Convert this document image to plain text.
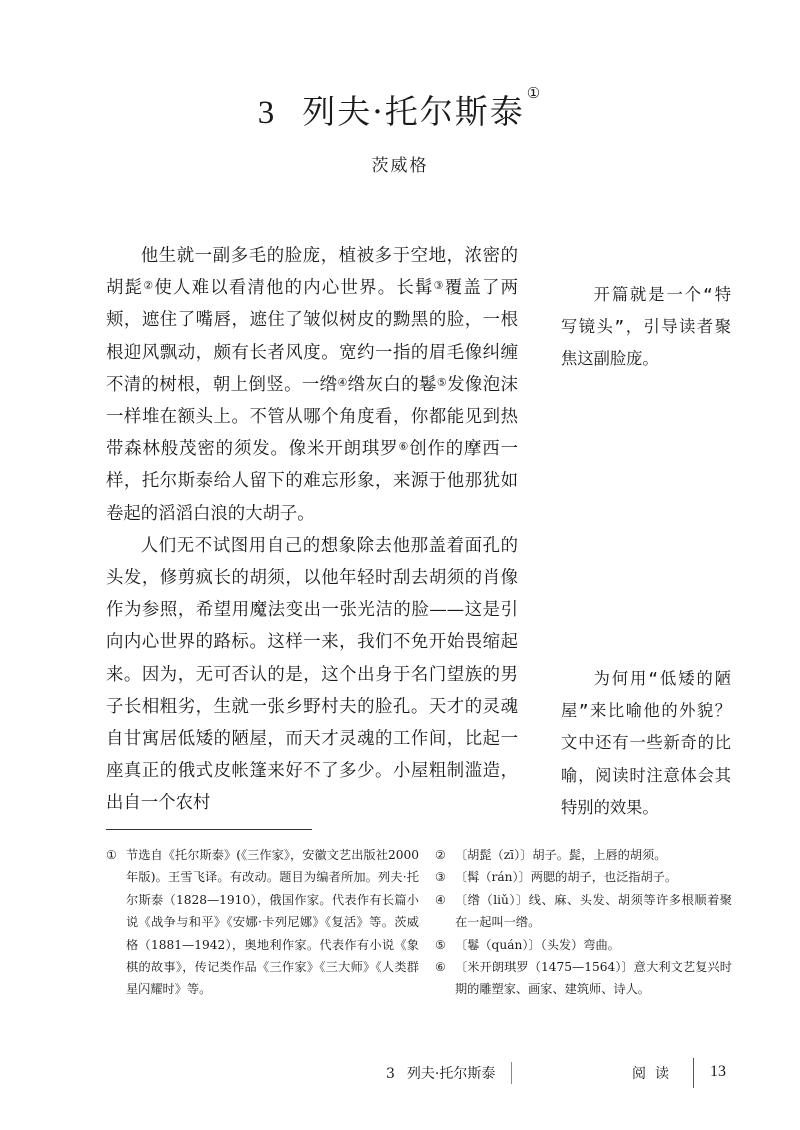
3 列夫·托尔斯泰 ①
茨威格

他生就一副多毛的脸庞，植被多于空地，浓密的胡髭②使人难以看清他的内心世界。长髯③覆盖了两颊，遮住了嘴唇，遮住了皱似树皮的黝黑的脸，一根根迎风飘动，颇有长者风度。宽约一指的眉毛像纠缠不清的树根，朝上倒竖。一绺④绺灰白的鬈⑤发像泡沫一样堆在额头上。不管从哪个角度看，你都能见到热带森林般茂密的须发。像米开朗琪罗⑥创作的摩西一样，托尔斯泰给人留下的难忘形象，来源于他那犹如卷起的滔滔白浪的大胡子。

人们无不试图用自己的想象除去他那盖着面孔的头发，修剪疯长的胡须，以他年轻时刮去胡须的肖像作为参照，希望用魔法变出一张光洁的脸——这是引向内心世界的路标。这样一来，我们不免开始畏缩起来。因为，无可否认的是，这个出身于名门望族的男子长相粗劣，生就一张乡野村夫的脸孔。天才的灵魂自甘寓居低矮的陋屋，而天才灵魂的工作间，比起一座真正的俄式皮帐篷来好不了多少。小屋粗制滥造，出自一个农村

开篇就是一个“特写镜头”，引导读者聚焦这副脸庞。

为何用“低矮的陋屋”来比喻他的外貌？文中还有一些新奇的比喻，阅读时注意体会其特别的效果。

① 节选自《托尔斯泰》(《三作家》，安徽文艺出版社2000年版)。王雪飞译。有改动。题目为编者所加。列夫·托尔斯泰（1828—1910），俄国作家。代表作有长篇小说《战争与和平》《安娜·卡列尼娜》《复活》等。茨威格（1881—1942），奥地利作家。代表作有小说《象棋的故事》，传记类作品《三作家》《三大师》《人类群星闪耀时》等。
② 〔胡髭（zī）〕胡子。髭，上唇的胡须。
③ 〔髯（rán）〕两腮的胡子，也泛指胡子。
④ 〔绺（liǔ）〕线、麻、头发、胡须等许多根顺着聚在一起叫一绺。
⑤ 〔鬈（quán）〕（头发）弯曲。
⑥ 〔米开朗琪罗（1475—1564）〕意大利文艺复兴时期的雕塑家、画家、建筑师、诗人。
3 列夫·托尔斯泰	阅读 13
